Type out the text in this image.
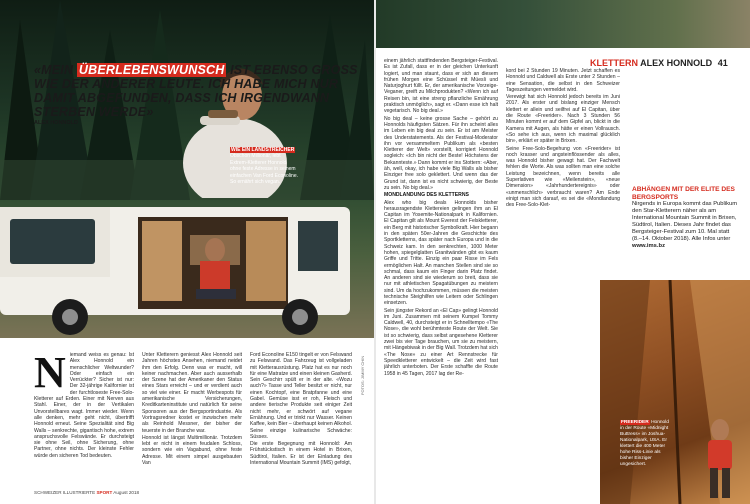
KLETTERN ALEX HONNOLD 41
«MEIN ÜBERLEBENSWUNSCH IST EBENSO GROSS WIE DER ANDERER LEUTE. ICH HABE MICH NUR DAMIT ABGEFUNDEN, DASS ICH IRGENDWANN STERBEN WERDE»
ALEX HONNOLD
WIE EIN LANDSTREICHER
Obschon Millionär, lebt Extrem-Kletterer Honnold ohne feste Adresse in seinem einfachen Van Ford Econoline. So ernährt sich vegan.
FOTOS: JIMMY CHIN
N iemand weiss es genau: Ist Alex Honnold ein menschlicher Weltwunder? Oder einfach ein Verrückter? Sicher ist nur: Der 32-jährige Kalifornier ist der furchtloseste Free-Solo-Kletterer auf Erden. Einer mit Nerven aus Stahl. Einer, der in der Vertikalen Unvorstellbares wagt. Immer wieder. Wenn alle denken, mehr geht nicht, übertrifft Honnold erneut. Seine Spezialität sind Big Walls – senkrechte, gigantisch hohe, extrem anspruchsvolle Felswände. Er durchsteigt sie ohne Seil, ohne Sicherung, ohne Partner, ohne nichts. Der kleinste Fehler würde den sicheren Tod bedeuten.

Unter Kletterern geniesst Alex Honnold seit Jahren höchstes Ansehen, niemand neidet ihm den Erfolg. Denn was er macht, will keiner nachmachen. Aber auch ausserhalb der Szene hat der Amerikaner den Status eines Stars erreicht – und er verdient auch so viel wie einer. Er macht Werbespots für amerikanische Versicherungen, Kreditkarteninstitute und natürlich für seine Sponsoren aus der Bergsportindustrie. Als Vortragsredner kostet er inzwischen mehr als Reinhold Messner, der bisher der teuerste in der Branche war.

Honnold ist längst Multimillionär. Trotzdem lebt er nicht in einem feudalen Schloss, sondern wie ein Vagabund, ohne feste Adresse. Mit einem simpel ausgebauten Van

Ford Econoline E150 tingelt er von Felswand zu Felswand. Das Fahrzeug ist vollgeladen mit Kletterausrüstung. Platz hat es nur noch für eine Matratze und einen kleinen Gasherd. Sein Geschirr spült er in der alte. «Wozu auch?» Tasse und Teller besitzt er nicht, nur einen Kochtopf, eine Bratpfanne und eine Gabel. Gemüse isst er roh, Fleisch und andere tierische Produkte seit einiger Zeit nicht mehr, er schwört auf vegane Ernährung. Und er trinkt nur Wasser. Keinen Kaffee, kein Bier – überhaupt keinen Alkohol. Seine einzige kulinarische Schwäche: Süsses.

Die erste Begegnung mit Honnold: Am Frühstückstisch in einem Hotel in Brixen, Südtirol, Italien. Er ist der Einladung des International Mountain Summit (IMS) gefolgt,

einem jährlich stattfindenden Bergsteiger-Festival. Es ist Zufall, dass er in der gleichen Unterkunft logiert, und man staunt, dass er sich an diesem frühen Morgen eine Schüssel mit Müesli und Naturjoghurt füllt. Er, der amerikanische Vorzeige-Veganer, greift zu Milchprodukten? «Wenn ich auf Reisen bin, ist eine streng pflanzliche Ernährung praktisch unmöglich», sagt er. «Dann esse ich halt vegetarisch. No big deal.»

No big deal – keine grosse Sache – gehört zu Honnolds häufigsten Sätzen. Für ihn scheint alles im Leben ein big deal zu sein. Er ist am Meister des Understatements. Als der Festival-Moderator ihn vor versammeltem Publikum als «besten Kletterer der Welt» vorstellt, korrigiert Honnold sogleich: «Ich bin nicht der Beste! Höchstens der Bekannteste.» Dann kommt er ins Stottern: «Aber, äh, well, okay, ich habe viele Big Walls als bisher Einziger free solo geklettert. Und wenn das der Grund ist, dann ist es nicht schwierig, der Beste zu sein. No big deal.»

MONDLANDUNG DES KLETTERNS

Alex who big deals Honnolds bisher herausragendste Klettereien gelingen ihm an El Capitan im Yosemite-Nationalpark in Kalifornien. El Capitan gilt als Mount Everest der Felskletterer, ein Berg mit historischer Symbolkraft. Hier begann in den späten 50er-Jahren die Geschichte des Sportkletterns, das später nach Europa und in die Schweiz kam. In den senkrechten, 1000 Meter hohen, spiegelglatten Granitwänden gibt es kaum Griffe und Tritte. Einzig ein paar Risse im Fels ermöglichen Halt. An manchen Stellen sind sie so schmal, dass kaum ein Finger darin Platz findet. An anderen sind sie wiederum so breit, dass sie nur mit athletischen Spagatübungen zu meistern sind. Um da hochzukommen, müssen die meisten technische Steighilfen wie Leitern oder Schlingen einsetzen.

Sein jüngster Rekord an «El Cap» gelingt Honnold im Juni. Zusammen mit seinem Kumpel Tommy Caldwell, 40, durchsteigt er in Schnelltempo «The Nose», die wohl berühmteste Route der Welt. Sie ist so schwierig, dass selbst angesehene Kletterer zwei bis vier Tage brauchen, um sie zu meistern, mit Hängebiwak in der Big Wall. Trotzdem hat sich «The Nose» zu einer Art Rennstrecke für Speedkletterer entwickelt – die Zeit wird fast jährlich unterboten. Der Erste schaffte die Route 1958 in 45 Tagen, 2017 lag der Re-

kord bei 2 Stunden 19 Minuten. Jetzt schaffen es Honnold und Caldwell als Erste unter 2 Stunden – eine Sensation, die selbst in den Schweizer Tageszeitungen vermeldet wird.

Verewigt hat sich Honnold jedoch bereits im Juni 2017. Als erster und bislang einziger Mensch klettert er allein und seilfrei auf El Capitan, über die Route «Freerider». Nach 3 Stunden 56 Minuten kommt er auf dem Gipfel an, blickt in die Kamera mit Augen, als hätte er einen Vollrausch. «So sehe ich aus, wenn ich maximal glücklich bin», erklärt er später in Brixen.

Seine Free-Solo-Begehung von «Freerider» ist noch krasser und angsteinflössender als alles, was Honnold bisher gewagt hat. Der Fachwelt fehlen die Worte. Als was sollten man eine solche Leistung bezeichnen, wenn bereits alle Superlativen wie «Meilenstein», «neue Dimension» «Jahrhundertereignis» oder «unmenschlich» verbraucht waren? Am Ende einigt man sich darauf, es sei die «Mondlandung des Free-Solo-Klet-

ABHÄNGEN MIT DER ELITE DES BERGSPORTS
Nirgends in Europa kommt das Publikum den Star-Kletterern näher als am International Mountain Summit in Brixen, Südtirol, Italien. Dieses Jahr findet das Bergsteiger-Festival zum 10. Mal statt (8.–14. Oktober 2018). Alle Infos unter www.ims.bz
FREERIDER Honnold in der Route «Midnight Buttress» im Joshua-Nationalpark, USA. Er klettert die 400 Meter hohe Riss-Linie als bisher Einziger ungesichert.
SCHWEIZER ILLUSTRIERTE SPORT August 2018
